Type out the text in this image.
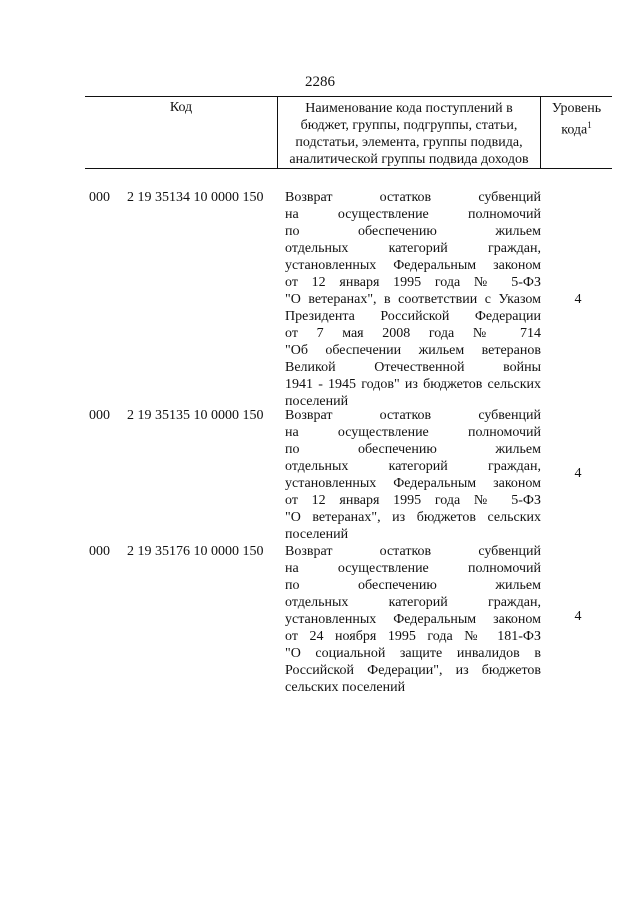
2286
Код	Наименование кода поступлений в
бюджет, группы, подгруппы, статьи,
подстатьи, элемента, группы подвида,
аналитической группы подвида доходов
Уровень
кода$^1$
000 2 19 35134 10 0000 150 Возврат остатков субвенций
на осуществление полномочий
по обеспечению жильем
отдельных категорий граждан,
установленных Федеральным законом
от 12 января 1995 года № 5-ФЗ
"О ветеранах", в соответствии с Указом
Президента Российской Федерации
от 7 мая 2008 года № 714
"Об обеспечении жильем ветеранов
Великой Отечественной войны
1941 - 1945 годов" из бюджетов сельских
поселений
4
000 2 19 35135 10 0000 150 Возврат остатков субвенций
на осуществление полномочий
по обеспечению жильем
отдельных категорий граждан,
установленных Федеральным законом
от 12 января 1995 года № 5-ФЗ
"О ветеранах", из бюджетов сельских
поселений
4
000 2 19 35176 10 0000 150 Возврат остатков субвенций
на осуществление полномочий
по обеспечению жильем
отдельных категорий граждан,
установленных Федеральным законом
от 24 ноября 1995 года № 181-ФЗ
"О социальной защите инвалидов в
Российской Федерации", из бюджетов
сельских поселений
4
